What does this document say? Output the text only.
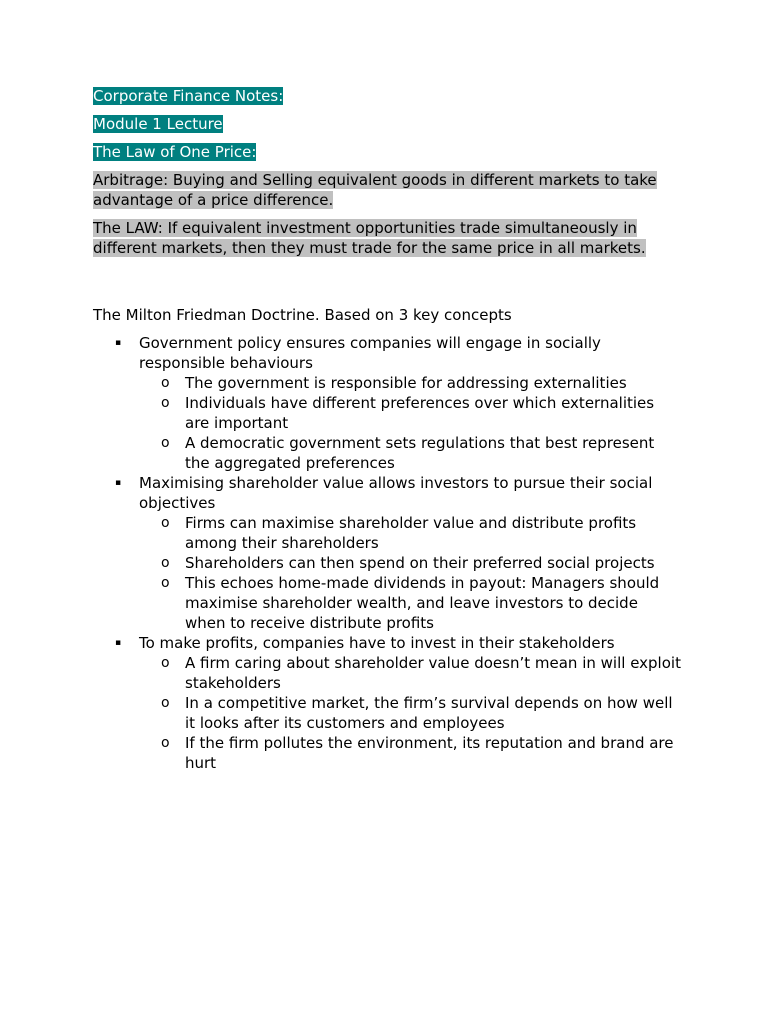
Corporate Finance Notes:

Module 1 Lecture

The Law of One Price:

Arbitrage: Buying and Selling equivalent goods in different markets to take advantage of a price difference.

The LAW: If equivalent investment opportunities trade simultaneously in different markets, then they must trade for the same price in all markets.

The Milton Friedman Doctrine. Based on 3 key concepts

▪ Government policy ensures companies will engage in socially responsible behaviours
o The government is responsible for addressing externalities
o Individuals have different preferences over which externalities are important
o A democratic government sets regulations that best represent the aggregated preferences
▪ Maximising shareholder value allows investors to pursue their social objectives
o Firms can maximise shareholder value and distribute profits among their shareholders
o Shareholders can then spend on their preferred social projects
o This echoes home-made dividends in payout: Managers should maximise shareholder wealth, and leave investors to decide when to receive distribute profits
▪ To make profits, companies have to invest in their stakeholders
o A firm caring about shareholder value doesn’t mean in will exploit stakeholders
o In a competitive market, the firm’s survival depends on how well it looks after its customers and employees
o If the firm pollutes the environment, its reputation and brand are hurt
